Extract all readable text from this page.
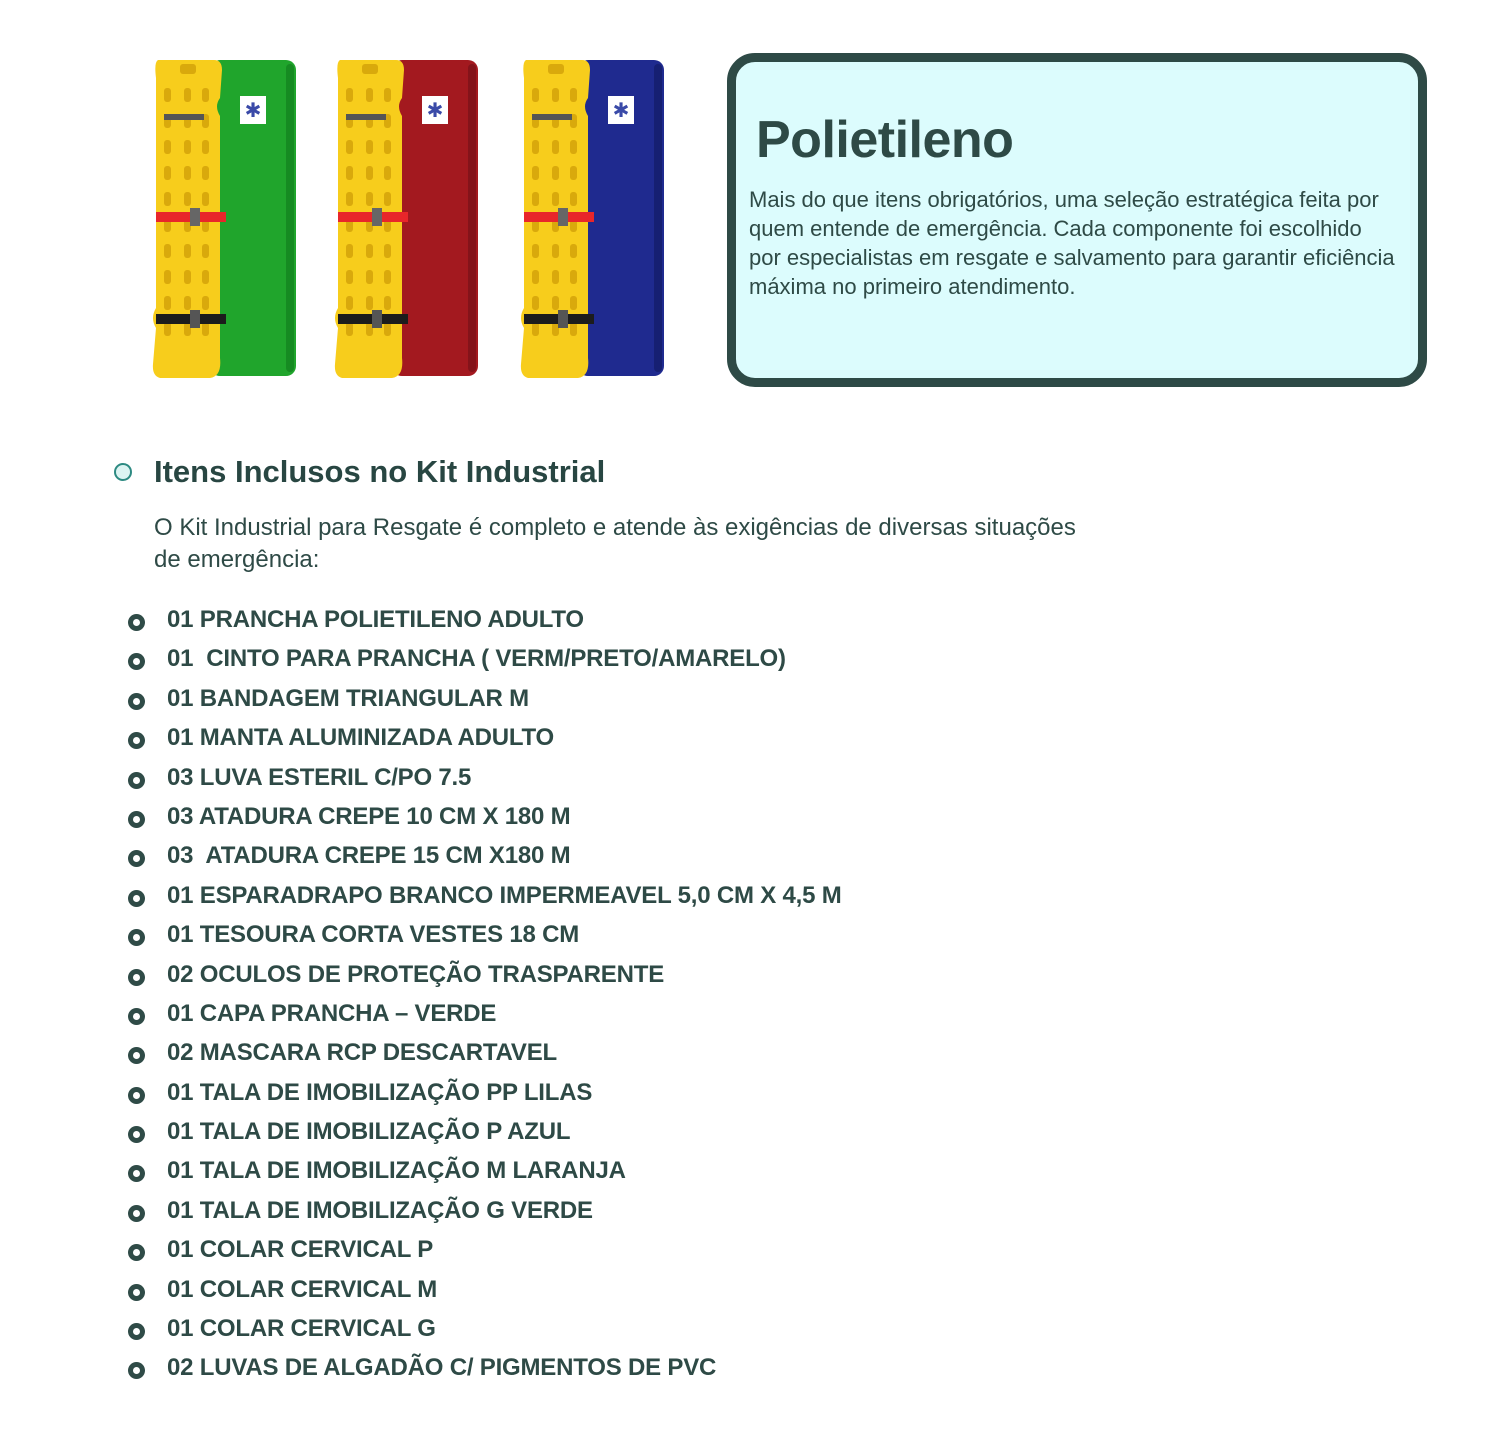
✱	✱	✱
Polietileno

Mais do que itens obrigatórios, uma seleção estratégica feita por quem entende de emergência. Cada componente foi escolhido por especialistas em resgate e salvamento para garantir eficiência máxima no primeiro atendimento.

Itens Inclusos no Kit Industrial

O Kit Industrial para Resgate é completo e atende às exigências de diversas situações de emergência:

01 PRANCHA POLIETILENO ADULTO
01  CINTO PARA PRANCHA ( VERM/PRETO/AMARELO)
01 BANDAGEM TRIANGULAR M
01 MANTA ALUMINIZADA ADULTO
03 LUVA ESTERIL C/PO 7.5
03 ATADURA CREPE 10 CM X 180 M
03  ATADURA CREPE 15 CM X180 M
01 ESPARADRAPO BRANCO IMPERMEAVEL 5,0 CM X 4,5 M
01 TESOURA CORTA VESTES 18 CM
02 OCULOS DE PROTEÇÃO TRASPARENTE
01 CAPA PRANCHA – VERDE
02 MASCARA RCP DESCARTAVEL
01 TALA DE IMOBILIZAÇÃO PP LILAS
01 TALA DE IMOBILIZAÇÃO P AZUL
01 TALA DE IMOBILIZAÇÃO M LARANJA
01 TALA DE IMOBILIZAÇÃO G VERDE
01 COLAR CERVICAL P
01 COLAR CERVICAL M
01 COLAR CERVICAL G
02 LUVAS DE ALGADÃO C/ PIGMENTOS DE PVC
